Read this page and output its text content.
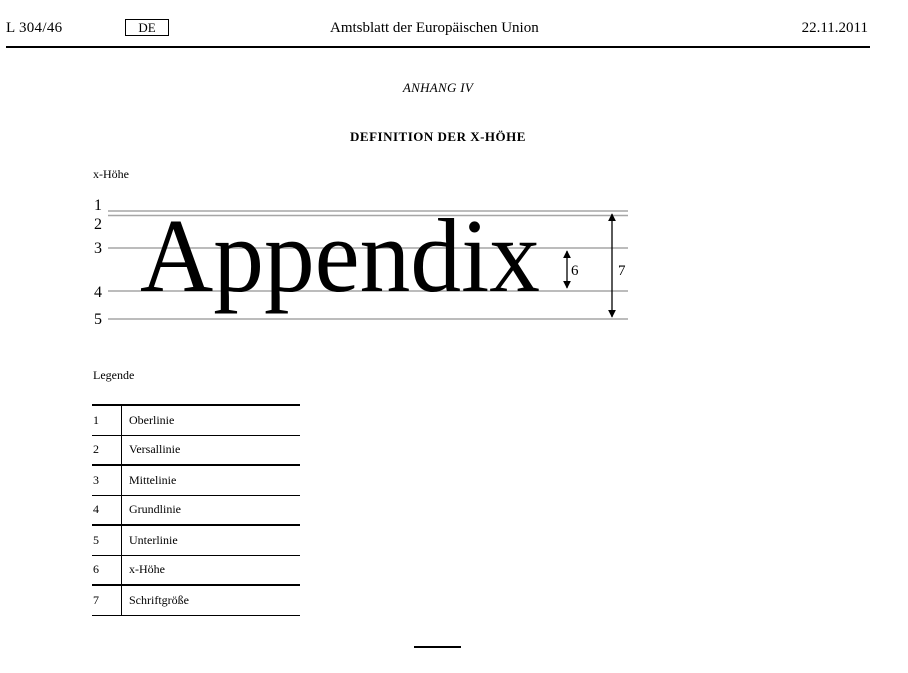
L 304/46	DE	Amtsblatt der Europäischen Union	22.11.2011
ANHANG IV
DEFINITION DER X-HÖHE
x-Höhe
1
2
3
4
5
Appendix 6	7
Legende
1	Oberlinie
2	Versallinie
3	Mittelinie
4	Grundlinie
5	Unterlinie
6	x-Höhe
7	Schriftgröße
